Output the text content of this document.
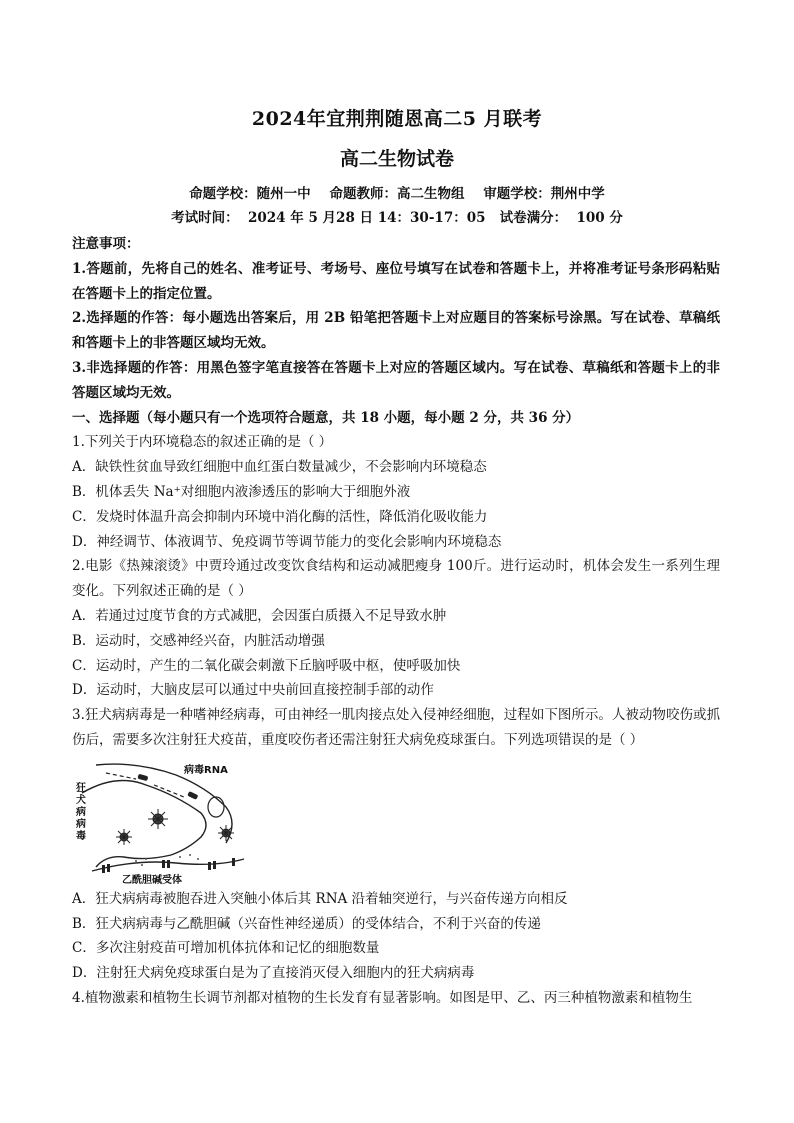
2024年宜荆荆随恩高二5 月联考
高二生物试卷
命题学校：随州一中    命题教师：高二生物组    审题学校：荆州中学
考试时间：  2024 年 5 月28 日 14：30-17：05   试卷满分：  100 分

注意事项：

1.答题前，先将自己的姓名、准考证号、考场号、座位号填写在试卷和答题卡上，并将准考证号条形码粘贴在答题卡上的指定位置。

2.选择题的作答：每小题选出答案后，用 2B 铅笔把答题卡上对应题目的答案标号涂黑。写在试卷、草稿纸和答题卡上的非答题区域均无效。

3.非选择题的作答：用黑色签字笔直接答在答题卡上对应的答题区域内。写在试卷、草稿纸和答题卡上的非答题区域均无效。

一、选择题（每小题只有一个选项符合题意，共 18 小题，每小题 2 分，共 36 分）

1.下列关于内环境稳态的叙述正确的是（ ）

A．缺铁性贫血导致红细胞中血红蛋白数量减少，不会影响内环境稳态

B．机体丢失 Na⁺对细胞内液渗透压的影响大于细胞外液

C．发烧时体温升高会抑制内环境中消化酶的活性，降低消化吸收能力

D．神经调节、体液调节、免疫调节等调节能力的变化会影响内环境稳态

2.电影《热辣滚烫》中贾玲通过改变饮食结构和运动减肥瘦身 100斤。进行运动时，机体会发生一系列生理变化。下列叙述正确的是（ ）

A．若通过过度节食的方式减肥，会因蛋白质摄入不足导致水肿

B．运动时，交感神经兴奋，内脏活动增强

C．运动时，产生的二氧化碳会刺激下丘脑呼吸中枢，使呼吸加快

D．运动时，大脑皮层可以通过中央前回直接控制手部的动作

3.狂犬病病毒是一种嗜神经病毒，可由神经一肌肉接点处入侵神经细胞，过程如下图所示。人被动物咬伤或抓伤后，需要多次注射狂犬疫苗，重度咬伤者还需注射狂犬病免疫球蛋白。下列选项错误的是（ ）

病毒RNA
狂犬病病毒
乙酰胆碱受体

A．狂犬病病毒被胞吞进入突触小体后其 RNA 沿着轴突逆行，与兴奋传递方向相反

B．狂犬病病毒与乙酰胆碱（兴奋性神经递质）的受体结合，不利于兴奋的传递

C．多次注射疫苗可增加机体抗体和记忆的细胞数量

D．注射狂犬病免疫球蛋白是为了直接消灭侵入细胞内的狂犬病病毒

4.植物激素和植物生长调节剂都对植物的生长发育有显著影响。如图是甲、乙、丙三种植物激素和植物生
